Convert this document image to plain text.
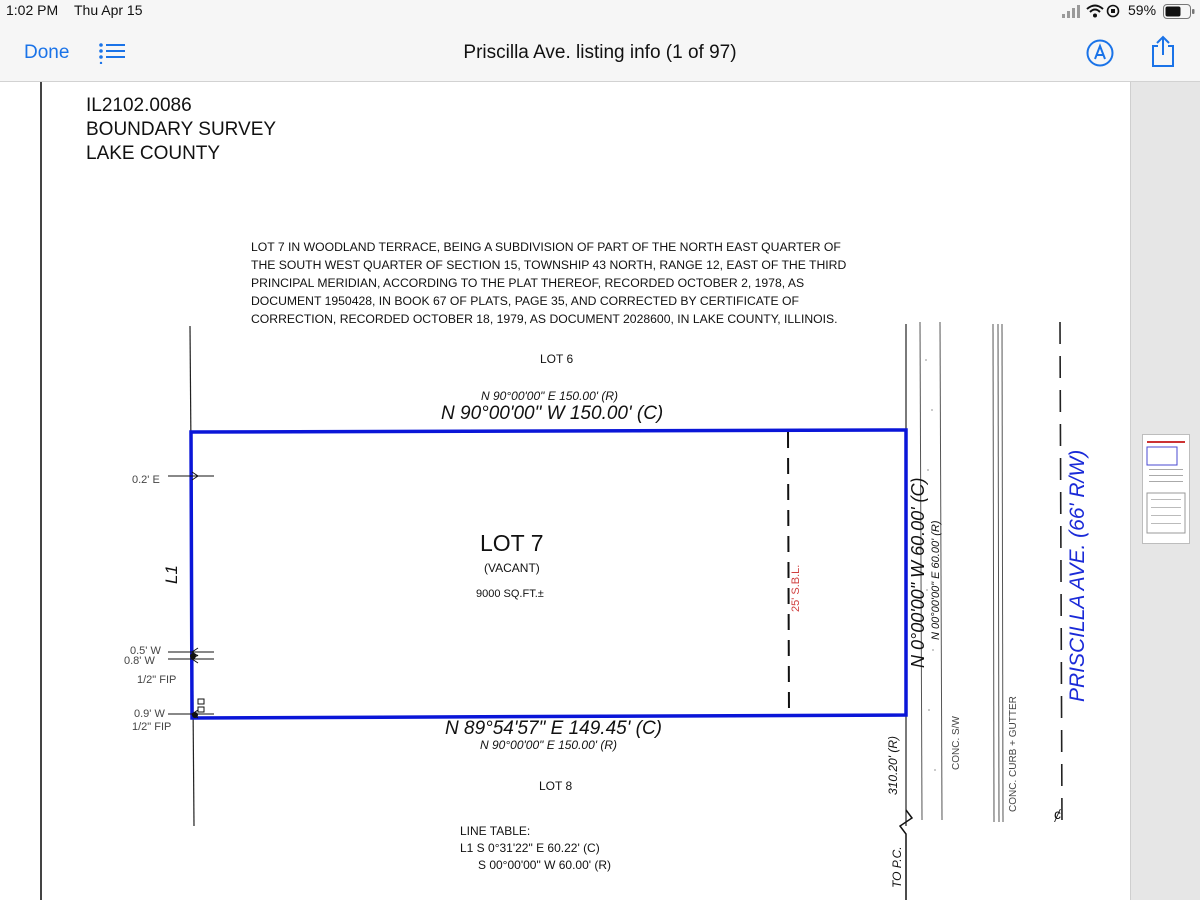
1:02 PM Thu Apr 15	59%
Done	Priscilla Ave. listing info (1 of 97)
IL2102.0086
BOUNDARY SURVEY
LAKE COUNTY
LOT 7 IN WOODLAND TERRACE, BEING A SUBDIVISION OF PART OF THE NORTH EAST QUARTER OF
THE SOUTH WEST QUARTER OF SECTION 15, TOWNSHIP 43 NORTH, RANGE 12, EAST OF THE THIRD
PRINCIPAL MERIDIAN, ACCORDING TO THE PLAT THEREOF, RECORDED OCTOBER 2, 1978, AS
DOCUMENT 1950428, IN BOOK 67 OF PLATS, PAGE 35, AND CORRECTED BY CERTIFICATE OF
CORRECTION, RECORDED OCTOBER 18, 1979, AS DOCUMENT 2028600, IN LAKE COUNTY, ILLINOIS.
LOT 6
N 90°00'00" E 150.00' (R)
N 90°00'00" W 150.00' (C)
LOT 7
(VACANT)
9000 SQ.FT.±	25' S.B.L.
L1
0.2' E
0.5' W
0.8' W
1/2" FIP
0.9' W
1/2" FIP	N 89°54'57" E 149.45' (C)
N 90°00'00" E 150.00' (R)
LOT 8
N 0°00'00" W 60.00' (C) N 00°00'00" E 60.00' (R)
310.20' (R)
TO P.C.
CONC. S/W	CONC. CURB + GUTTER
PRISCILLA AVE. (66' R/W)
ȼ
LINE TABLE:
L1 S 0°31'22" E 60.22' (C)
S 00°00'00" W 60.00' (R)
